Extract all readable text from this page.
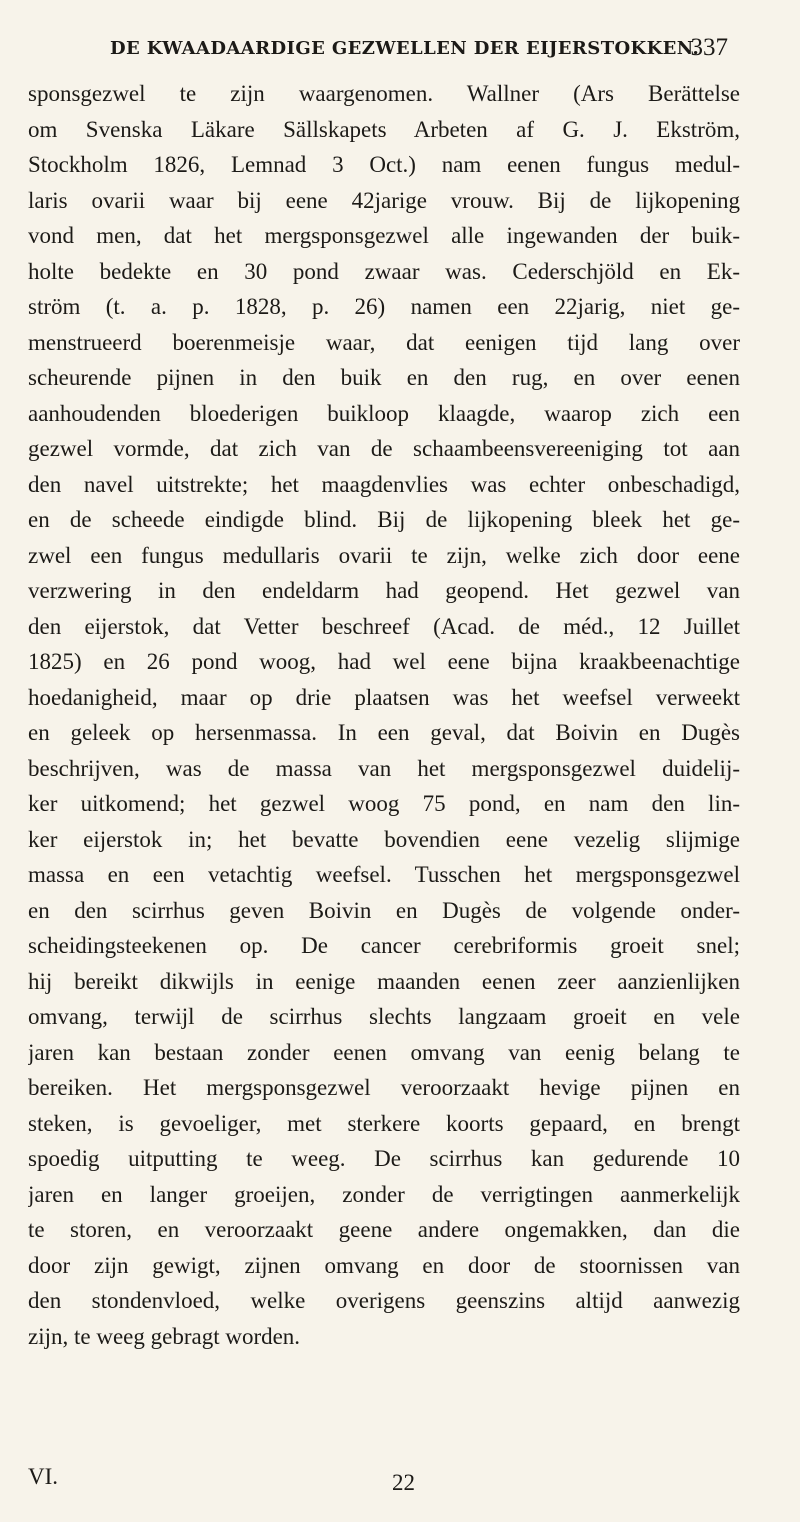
DE KWAADAARDIGE GEZWELLEN DER EIJERSTOKKEN.
337
sponsgezwel te zijn waargenomen. Wallner (Ars Berättelse
om Svenska Läkare Sällskapets Arbeten af G. J. Ekström,
Stockholm 1826, Lemnad 3 Oct.) nam eenen fungus medul-
laris ovarii waar bij eene 42jarige vrouw. Bij de lijkopening
vond men, dat het mergsponsgezwel alle ingewanden der buik-
holte bedekte en 30 pond zwaar was. Cederschjöld en Ek-
ström (t. a. p. 1828, p. 26) namen een 22jarig, niet ge-
menstrueerd boerenmeisje waar, dat eenigen tijd lang over
scheurende pijnen in den buik en den rug, en over eenen
aanhoudenden bloederigen buikloop klaagde, waarop zich een
gezwel vormde, dat zich van de schaambeensvereeniging tot aan
den navel uitstrekte; het maagdenvlies was echter onbeschadigd,
en de scheede eindigde blind. Bij de lijkopening bleek het ge-
zwel een fungus medullaris ovarii te zijn, welke zich door eene
verzwering in den endeldarm had geopend. Het gezwel van
den eijerstok, dat Vetter beschreef (Acad. de méd., 12 Juillet
1825) en 26 pond woog, had wel eene bijna kraakbeenachtige
hoedanigheid, maar op drie plaatsen was het weefsel verweekt
en geleek op hersenmassa. In een geval, dat Boivin en Dugès
beschrijven, was de massa van het mergsponsgezwel duidelij-
ker uitkomend; het gezwel woog 75 pond, en nam den lin-
ker eijerstok in; het bevatte bovendien eene vezelig slijmige
massa en een vetachtig weefsel. Tusschen het mergsponsgezwel
en den scirrhus geven Boivin en Dugès de volgende onder-
scheidingsteekenen op. De cancer cerebriformis groeit snel;
hij bereikt dikwijls in eenige maanden eenen zeer aanzienlijken
omvang, terwijl de scirrhus slechts langzaam groeit en vele
jaren kan bestaan zonder eenen omvang van eenig belang te
bereiken. Het mergsponsgezwel veroorzaakt hevige pijnen en
steken, is gevoeliger, met sterkere koorts gepaard, en brengt
spoedig uitputting te weeg. De scirrhus kan gedurende 10
jaren en langer groeijen, zonder de verrigtingen aanmerkelijk
te storen, en veroorzaakt geene andere ongemakken, dan die
door zijn gewigt, zijnen omvang en door de stoornissen van
den stondenvloed, welke overigens geenszins altijd aanwezig
zijn, te weeg gebragt worden.
VI.	22
